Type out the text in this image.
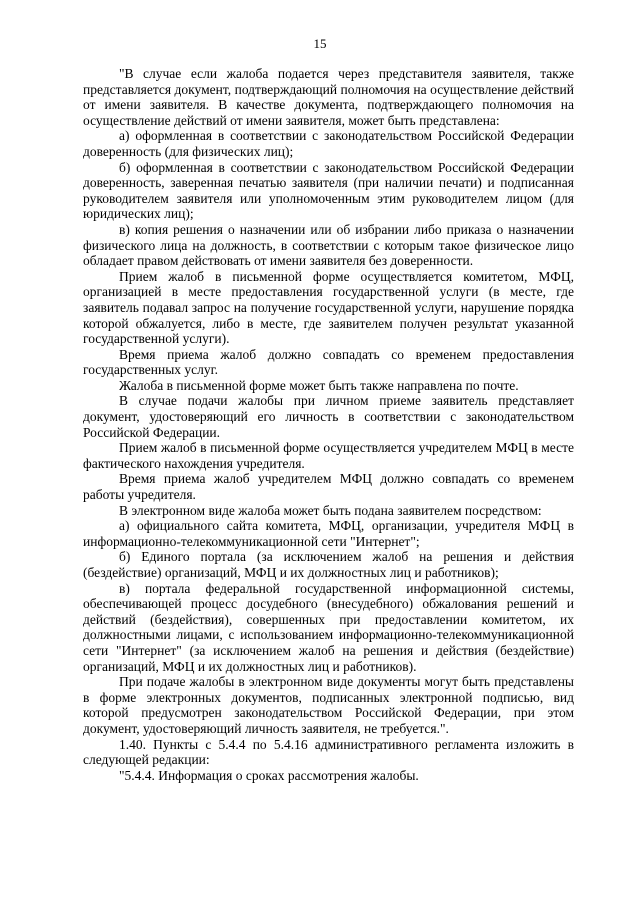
15

"В случае если жалоба подается через представителя заявителя, также представляется документ, подтверждающий полномочия на осуществление действий от имени заявителя. В качестве документа, подтверждающего полномочия на осуществление действий от имени заявителя, может быть представлена:

а) оформленная в соответствии с законодательством Российской Федерации доверенность (для физических лиц);

б) оформленная в соответствии с законодательством Российской Федерации доверенность, заверенная печатью заявителя (при наличии печати) и подписанная руководителем заявителя или уполномоченным этим руководителем лицом (для юридических лиц);

в) копия решения о назначении или об избрании либо приказа о назначении физического лица на должность, в соответствии с которым такое физическое лицо обладает правом действовать от имени заявителя без доверенности.

Прием жалоб в письменной форме осуществляется комитетом, МФЦ, организацией в месте предоставления государственной услуги (в месте, где заявитель подавал запрос на получение государственной услуги, нарушение порядка которой обжалуется, либо в месте, где заявителем получен результат указанной государственной услуги).

Время приема жалоб должно совпадать со временем предоставления государственных услуг.

Жалоба в письменной форме может быть также направлена по почте.

В случае подачи жалобы при личном приеме заявитель представляет документ, удостоверяющий его личность в соответствии с законодательством Российской Федерации.

Прием жалоб в письменной форме осуществляется учредителем МФЦ в месте фактического нахождения учредителя.

Время приема жалоб учредителем МФЦ должно совпадать со временем работы учредителя.

В электронном виде жалоба может быть подана заявителем посредством:

а) официального сайта комитета, МФЦ, организации, учредителя МФЦ в информационно-телекоммуникационной сети "Интернет";

б) Единого портала (за исключением жалоб на решения и действия (бездействие) организаций, МФЦ и их должностных лиц и работников);

в) портала федеральной государственной информационной системы, обеспечивающей процесс досудебного (внесудебного) обжалования решений и действий (бездействия), совершенных при предоставлении комитетом, их должностными лицами, с использованием информационно-телекоммуникационной сети "Интернет" (за исключением жалоб на решения и действия (бездействие) организаций, МФЦ и их должностных лиц и работников).

При подаче жалобы в электронном виде документы могут быть представлены в форме электронных документов, подписанных электронной подписью, вид которой предусмотрен законодательством Российской Федерации, при этом документ, удостоверяющий личность заявителя, не требуется.".

1.40. Пункты с 5.4.4 по 5.4.16 административного регламента изложить в следующей редакции:

"5.4.4. Информация о сроках рассмотрения жалобы.
